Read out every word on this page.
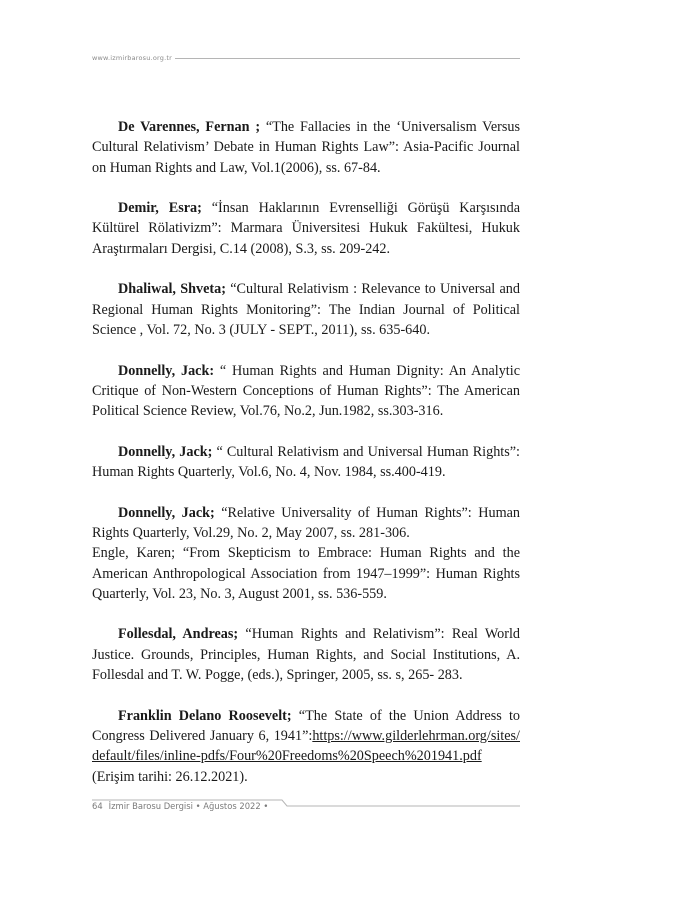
www.izmirbarosu.org.tr

De Varennes, Fernan ; “The Fallacies in the ‘Universalism Versus Cultural Relativism’ Debate in Human Rights Law”: Asia-Pacific Journal on Human Rights and Law, Vol.1(2006), ss. 67-84.

Demir, Esra; “İnsan Haklarının Evrenselliği Görüşü Karşısında Kültürel Rölativizm”: Marmara Üniversitesi Hukuk Fakültesi, Hukuk Araştırmaları Dergisi, C.14 (2008), S.3, ss. 209-242.

Dhaliwal, Shveta; “Cultural Relativism : Relevance to Universal and Regional Human Rights Monitoring”: The Indian Journal of Political Science , Vol. 72, No. 3 (JULY - SEPT., 2011), ss. 635-640.

Donnelly, Jack: “ Human Rights and Human Dignity: An Analytic Critique of Non-Western Conceptions of Human Rights”: The American Political Science Review, Vol.76, No.2, Jun.1982, ss.303-316.

Donnelly, Jack; “ Cultural Relativism and Universal Human Rights”: Human Rights Quarterly, Vol.6, No. 4, Nov. 1984, ss.400-419.

Donnelly, Jack; “Relative Universality of Human Rights”: Human Rights Quarterly, Vol.29, No. 2, May 2007, ss. 281-306.

Engle, Karen; “From Skepticism to Embrace: Human Rights and the American Anthropological Association from 1947–1999”: Human Rights Quarterly, Vol. 23, No. 3, August 2001, ss. 536-559.

Follesdal, Andreas; “Human Rights and Relativism”: Real World Justice. Grounds, Principles, Human Rights, and Social Institutions, A. Follesdal and T. W. Pogge, (eds.), Springer, 2005, ss. s, 265- 283.

Franklin Delano Roosevelt; “The State of the Union Address to Congress Delivered January 6, 1941”:https:/​/​www.gilderlehrman.org/​sites/​default/​files/​inline-pdfs/​Four%20Freedoms%20Speech%201941.pdf (Erişim tarihi: 26.12.2021).

64 İzmir Barosu Dergisi • Ağustos 2022 •
